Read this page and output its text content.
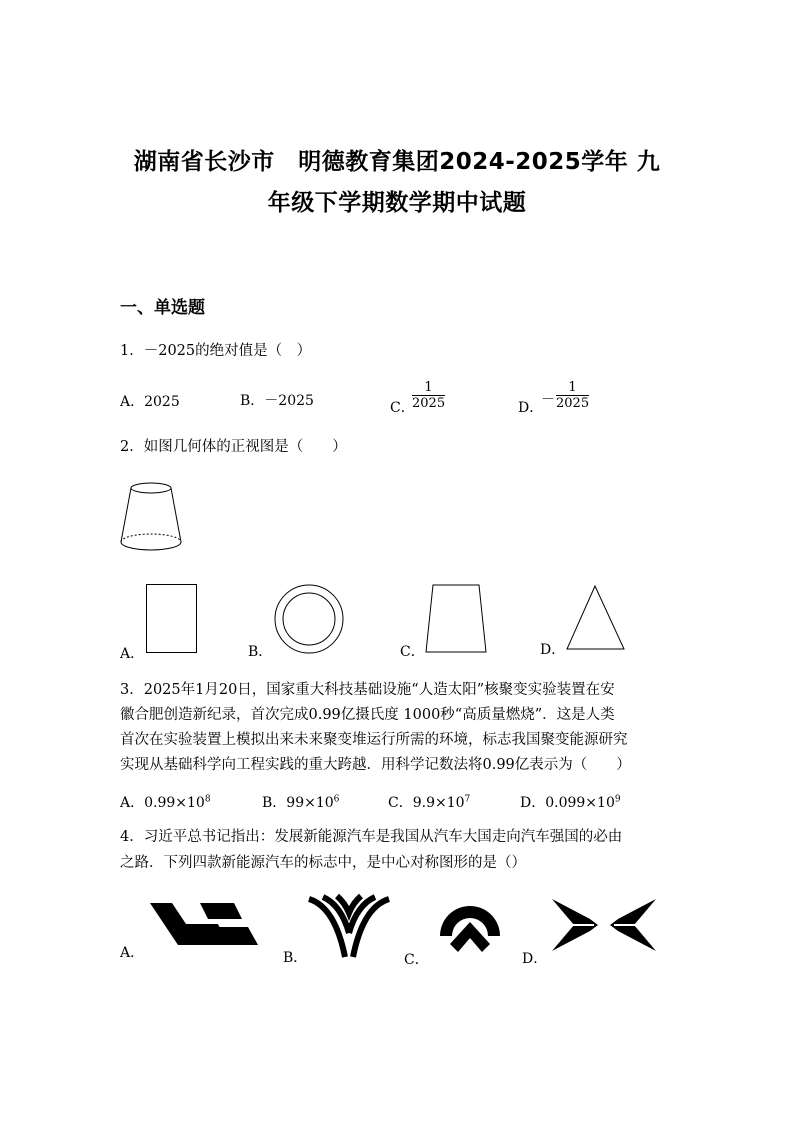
湖南省长沙市　明德教育集团2024-2025学年 九
年级下学期数学期中试题
一、单选题
1．－2025的绝对值是（　）
A．2025	B．－2025	C．
$\frac{1}{2025}$	D．
－ $\frac{1}{2025}$
2．如图几何体的正视图是（　　）
A．	B．	C．	D．
3．2025年1月20日，国家重大科技基础设施“人造太阳”核聚变实验装置在安
徽合肥创造新纪录，首次完成0.99亿摄氏度 1000秒“高质量燃烧”．这是人类
首次在实验装置上模拟出来未来聚变堆运行所需的环境，标志我国聚变能源研究
实现从基础科学向工程实践的重大跨越．用科学记数法将0.99亿表示为（　　）
A．$0.99\times 10^8$	B．$99\times 10^6$	C．$9.9\times 10^7$	D．$0.099\times 10^9$
4．习近平总书记指出：发展新能源汽车是我国从汽车大国走向汽车强国的必由
之路．下列四款新能源汽车的标志中，是中心对称图形的是（）
A．	B．	C．	D．
